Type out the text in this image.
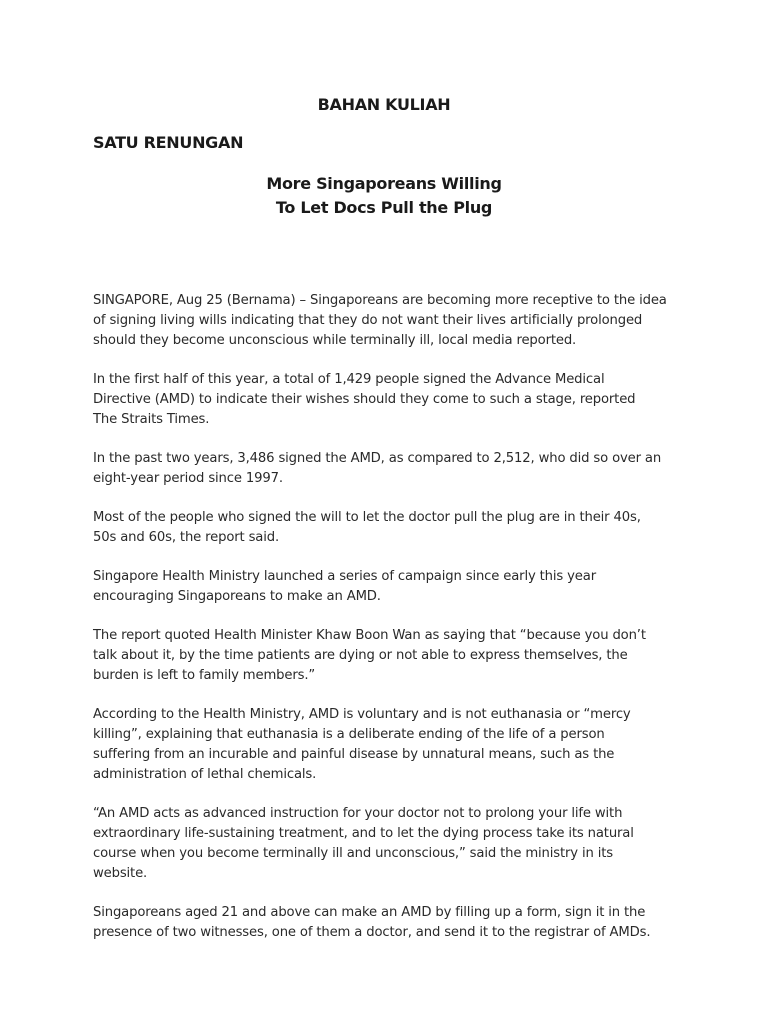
BAHAN KULIAH
SATU RENUNGAN
More Singaporeans Willing
To Let Docs Pull the Plug

SINGAPORE, Aug 25 (Bernama) – Singaporeans are becoming more receptive to the idea
of signing living wills indicating that they do not want their lives artificially prolonged
should they become unconscious while terminally ill, local media reported.

In the first half of this year, a total of 1,429 people signed the Advance Medical
Directive (AMD) to indicate their wishes should they come to such a stage, reported
The Straits Times.

In the past two years, 3,486 signed the AMD, as compared to 2,512, who did so over an
eight-year period since 1997.

Most of the people who signed the will to let the doctor pull the plug are in their 40s,
50s and 60s, the report said.

Singapore Health Ministry launched a series of campaign since early this year
encouraging Singaporeans to make an AMD.

The report quoted Health Minister Khaw Boon Wan as saying that “because you don’t
talk about it, by the time patients are dying or not able to express themselves, the
burden is left to family members.”

According to the Health Ministry, AMD is voluntary and is not euthanasia or “mercy
killing”, explaining that euthanasia is a deliberate ending of the life of a person
suffering from an incurable and painful disease by unnatural means, such as the
administration of lethal chemicals.

“An AMD acts as advanced instruction for your doctor not to prolong your life with
extraordinary life-sustaining treatment, and to let the dying process take its natural
course when you become terminally ill and unconscious,” said the ministry in its
website.

Singaporeans aged 21 and above can make an AMD by filling up a form, sign it in the
presence of two witnesses, one of them a doctor, and send it to the registrar of AMDs.
